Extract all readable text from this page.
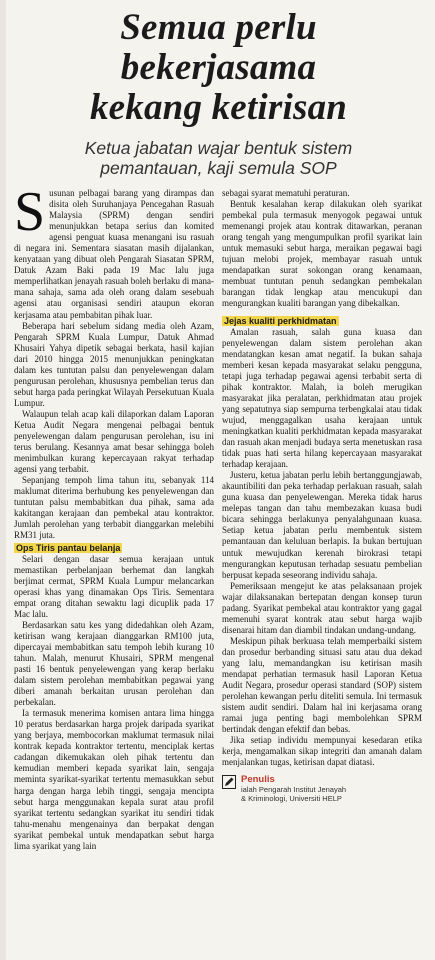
Semua perlu
bekerjasama
kekang ketirisan
Ketua jabatan wajar bentuk sistem
pemantauan, kaji semula SOP

Susunan pelbagai barang yang dirampas dan disita oleh Suruhanjaya Pencegahan Rasuah Malaysia (SPRM) dengan sendiri menunjukkan betapa serius dan komited agensi penguat kuasa menangani isu rasuah di negara ini. Sementara siasatan masih dijalankan, kenyataan yang dibuat oleh Pengarah Siasatan SPRM, Datuk Azam Baki pada 19 Mac lalu juga memperlihatkan jenayah rasuah boleh berlaku di mana-mana sahaja, sama ada oleh orang dalam sesebuah agensi atau organisasi sendiri ataupun ekoran kerjasama atau pembabitan pihak luar.

Beberapa hari sebelum sidang media oleh Azam, Pengarah SPRM Kuala Lumpur, Datuk Ahmad Khusairi Yahya dipetik sebagai berkata, hasil kajian dari 2010 hingga 2015 menunjukkan peningkatan dalam kes tuntutan palsu dan penyelewengan dalam pengurusan perolehan, khususnya pembelian terus dan sebut harga pada peringkat Wilayah Persekutuan Kuala Lumpur.

Walaupun telah acap kali dilaporkan dalam Laporan Ketua Audit Negara mengenai pelbagai bentuk penyelewengan dalam pengurusan perolehan, isu ini terus berulang. Kesannya amat besar sehingga boleh menimbulkan kurang kepercayaan rakyat terhadap agensi yang terbabit.

Sepanjang tempoh lima tahun itu, sebanyak 114 maklumat diterima berhubung kes penyelewengan dan tuntutan palsu membabitkan dua pihak, sama ada kakitangan kerajaan dan pembekal atau kontraktor. Jumlah perolehan yang terbabit dianggarkan melebihi RM31 juta.

Ops Tiris pantau belanja

Selari dengan dasar semua kerajaan untuk memastikan perbelanjaan berhemat dan langkah berjimat cermat, SPRM Kuala Lumpur melancarkan operasi khas yang dinamakan Ops Tiris. Sementara empat orang ditahan sewaktu lagi dicuplik pada 17 Mac lalu.

Berdasarkan satu kes yang didedahkan oleh Azam, ketirisan wang kerajaan dianggarkan RM100 juta, dipercayai membabitkan satu tempoh lebih kurang 10 tahun. Malah, menurut Khusairi, SPRM mengenal pasti 16 bentuk penyelewengan yang kerap berlaku dalam sistem perolehan membabitkan pegawai yang diberi amanah berkaitan urusan perolehan dan perbekalan.

Ia termasuk menerima komisen antara lima hingga 10 peratus berdasarkan harga projek daripada syarikat yang berjaya, membocorkan maklumat termasuk nilai kontrak kepada kontraktor tertentu, menciplak kertas cadangan dikemukakan oleh pihak tertentu dan kemudian memberi kepada syarikat lain, sengaja meminta syarikat-syarikat tertentu memasukkan sebut harga dengan harga lebih tinggi, sengaja mencipta sebut harga menggunakan kepala surat atau profil syarikat tertentu sedangkan syarikat itu sendiri tidak tahu-menahu mengenainya dan berpakat dengan syarikat pembekal untuk mendapatkan sebut harga lima syarikat yang lain

sebagai syarat mematuhi peraturan.

Bentuk kesalahan kerap dilakukan oleh syarikat pembekal pula termasuk menyogok pegawai untuk memenangi projek atau kontrak ditawarkan, peranan orang tengah yang mengumpulkan profil syarikat lain untuk memasuki sebut harga, meraikan pegawai bagi tujuan melobi projek, membayar rasuah untuk mendapatkan surat sokongan orang kenamaan, membuat tuntutan penuh sedangkan pembekalan barangan tidak lengkap atau mencukupi dan mengurangkan kualiti barangan yang dibekalkan.

Jejas kualiti perkhidmatan

Amalan rasuah, salah guna kuasa dan penyelewengan dalam sistem perolehan akan mendatangkan kesan amat negatif. Ia bukan sahaja memberi kesan kepada masyarakat selaku pengguna, tetapi juga terhadap pegawai agensi terbabit serta di pihak kontraktor. Malah, ia boleh merugikan masyarakat jika peralatan, perkhidmatan atau projek yang sepatutnya siap sempurna terbengkalai atau tidak wujud, menggagalkan usaha kerajaan untuk meningkatkan kualiti perkhidmatan kepada masyarakat dan rasuah akan menjadi budaya serta menetuskan rasa tidak puas hati serta hilang kepercayaan masyarakat terhadap kerajaan.

Justeru, ketua jabatan perlu lebih bertanggungjawab, akauntibiliti dan peka terhadap perlakuan rasuah, salah guna kuasa dan penyelewengan. Mereka tidak harus melepas tangan dan tahu membezakan kuasa budi bicara sehingga berlakunya penyalahgunaan kuasa. Setiap ketua jabatan perlu membentuk sistem pemantauan dan keluluan berlapis. Ia bukan bertujuan untuk mewujudkan kerenah birokrasi tetapi mengurangkan keputusan terhadap sesuatu pembelian berpusat kepada seseorang individu sahaja.

Pemeriksaan mengejut ke atas pelaksanaan projek wajar dilaksanakan bertepatan dengan konsep turun padang. Syarikat pembekal atau kontraktor yang gagal memenuhi syarat kontrak atau sebut harga wajib disenarai hitam dan diambil tindakan undang-undang.

Meskipun pihak berkuasa telah memperbaiki sistem dan prosedur berbanding situasi satu atau dua dekad yang lalu, memandangkan isu ketirisan masih mendapat perhatian termasuk hasil Laporan Ketua Audit Negara, prosedur operasi standard (SOP) sistem perolehan kewangan perlu diteliti semula. Ini termasuk sistem audit sendiri. Dalam hal ini kerjasama orang ramai juga penting bagi membolehkan SPRM bertindak dengan efektif dan bebas.

Jika setiap individu mempunyai kesedaran etika kerja, mengamalkan sikap integriti dan amanah dalam menjalankan tugas, ketirisan dapat diatasi.

Penulis
ialah Pengarah Institut Jenayah
& Kriminologi, Universiti HELP
